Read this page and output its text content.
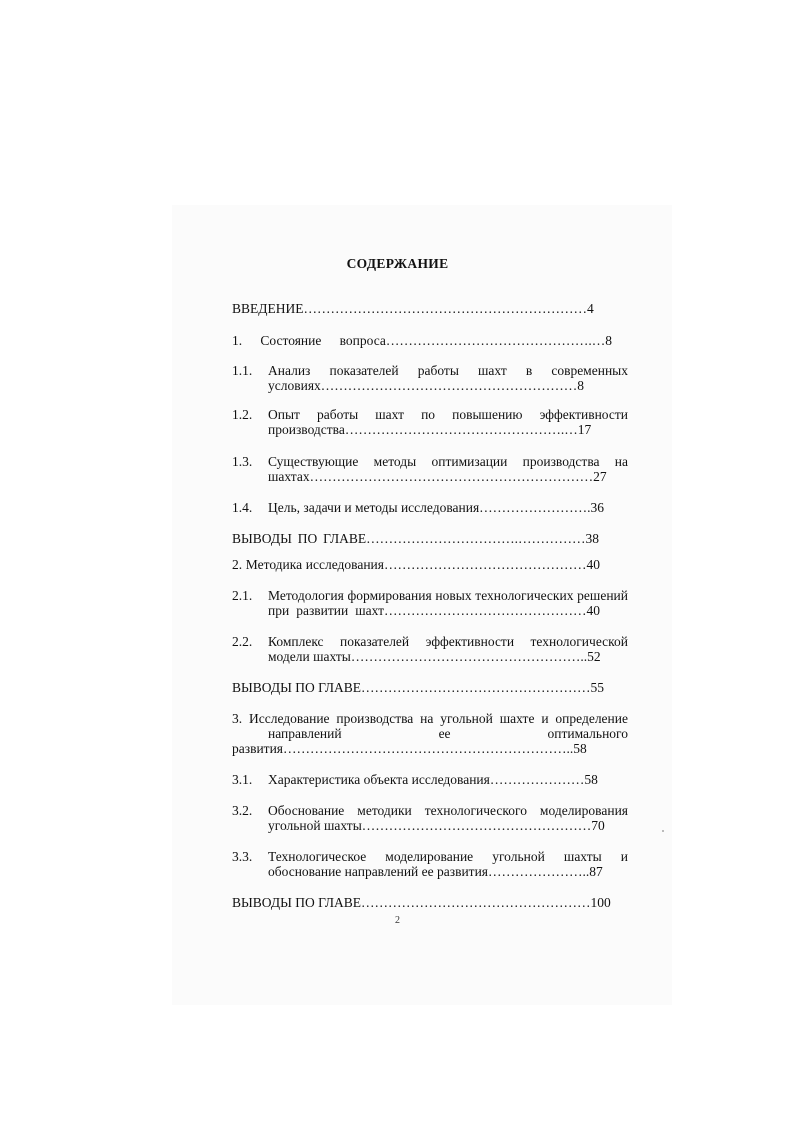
СОДЕРЖАНИЕ
ВВЕДЕНИЕ………………………………………………………4
1. Состояние вопроса……………………………………….…8
1.1. Анализ показателей работы шахт в современных
условиях…………………………………………………8
1.2. Опыт работы шахт по повышению эффективности
производства………………………………………….…17
1.3. Существующие методы оптимизации производства на
шахтах………………………………………………………27
1.4. Цель, задачи и методы исследования…………………….36
ВЫВОДЫ ПО ГЛАВЕ…………………………….……………38
2. Методика исследования………………………………………40
2.1. Методология формирования новых технологических решений
при развитии шахт………………………………………40
2.2. Комплекс показателей эффективности технологической
модели шахты……………………………………………..52
ВЫВОДЫ ПО ГЛАВЕ……………………………………………55
3. Исследование производства на угольной шахте и определение
направлений ее оптимального
развития………………………………………………………..58
3.1. Характеристика объекта исследования…………………58
3.2. Обоснование методики технологического моделирования
угольной шахты……………………………………………70
3.3. Технологическое моделирование угольной шахты и
обоснование направлений ее развития…………………..87
ВЫВОДЫ ПО ГЛАВЕ……………………………………………100
2
